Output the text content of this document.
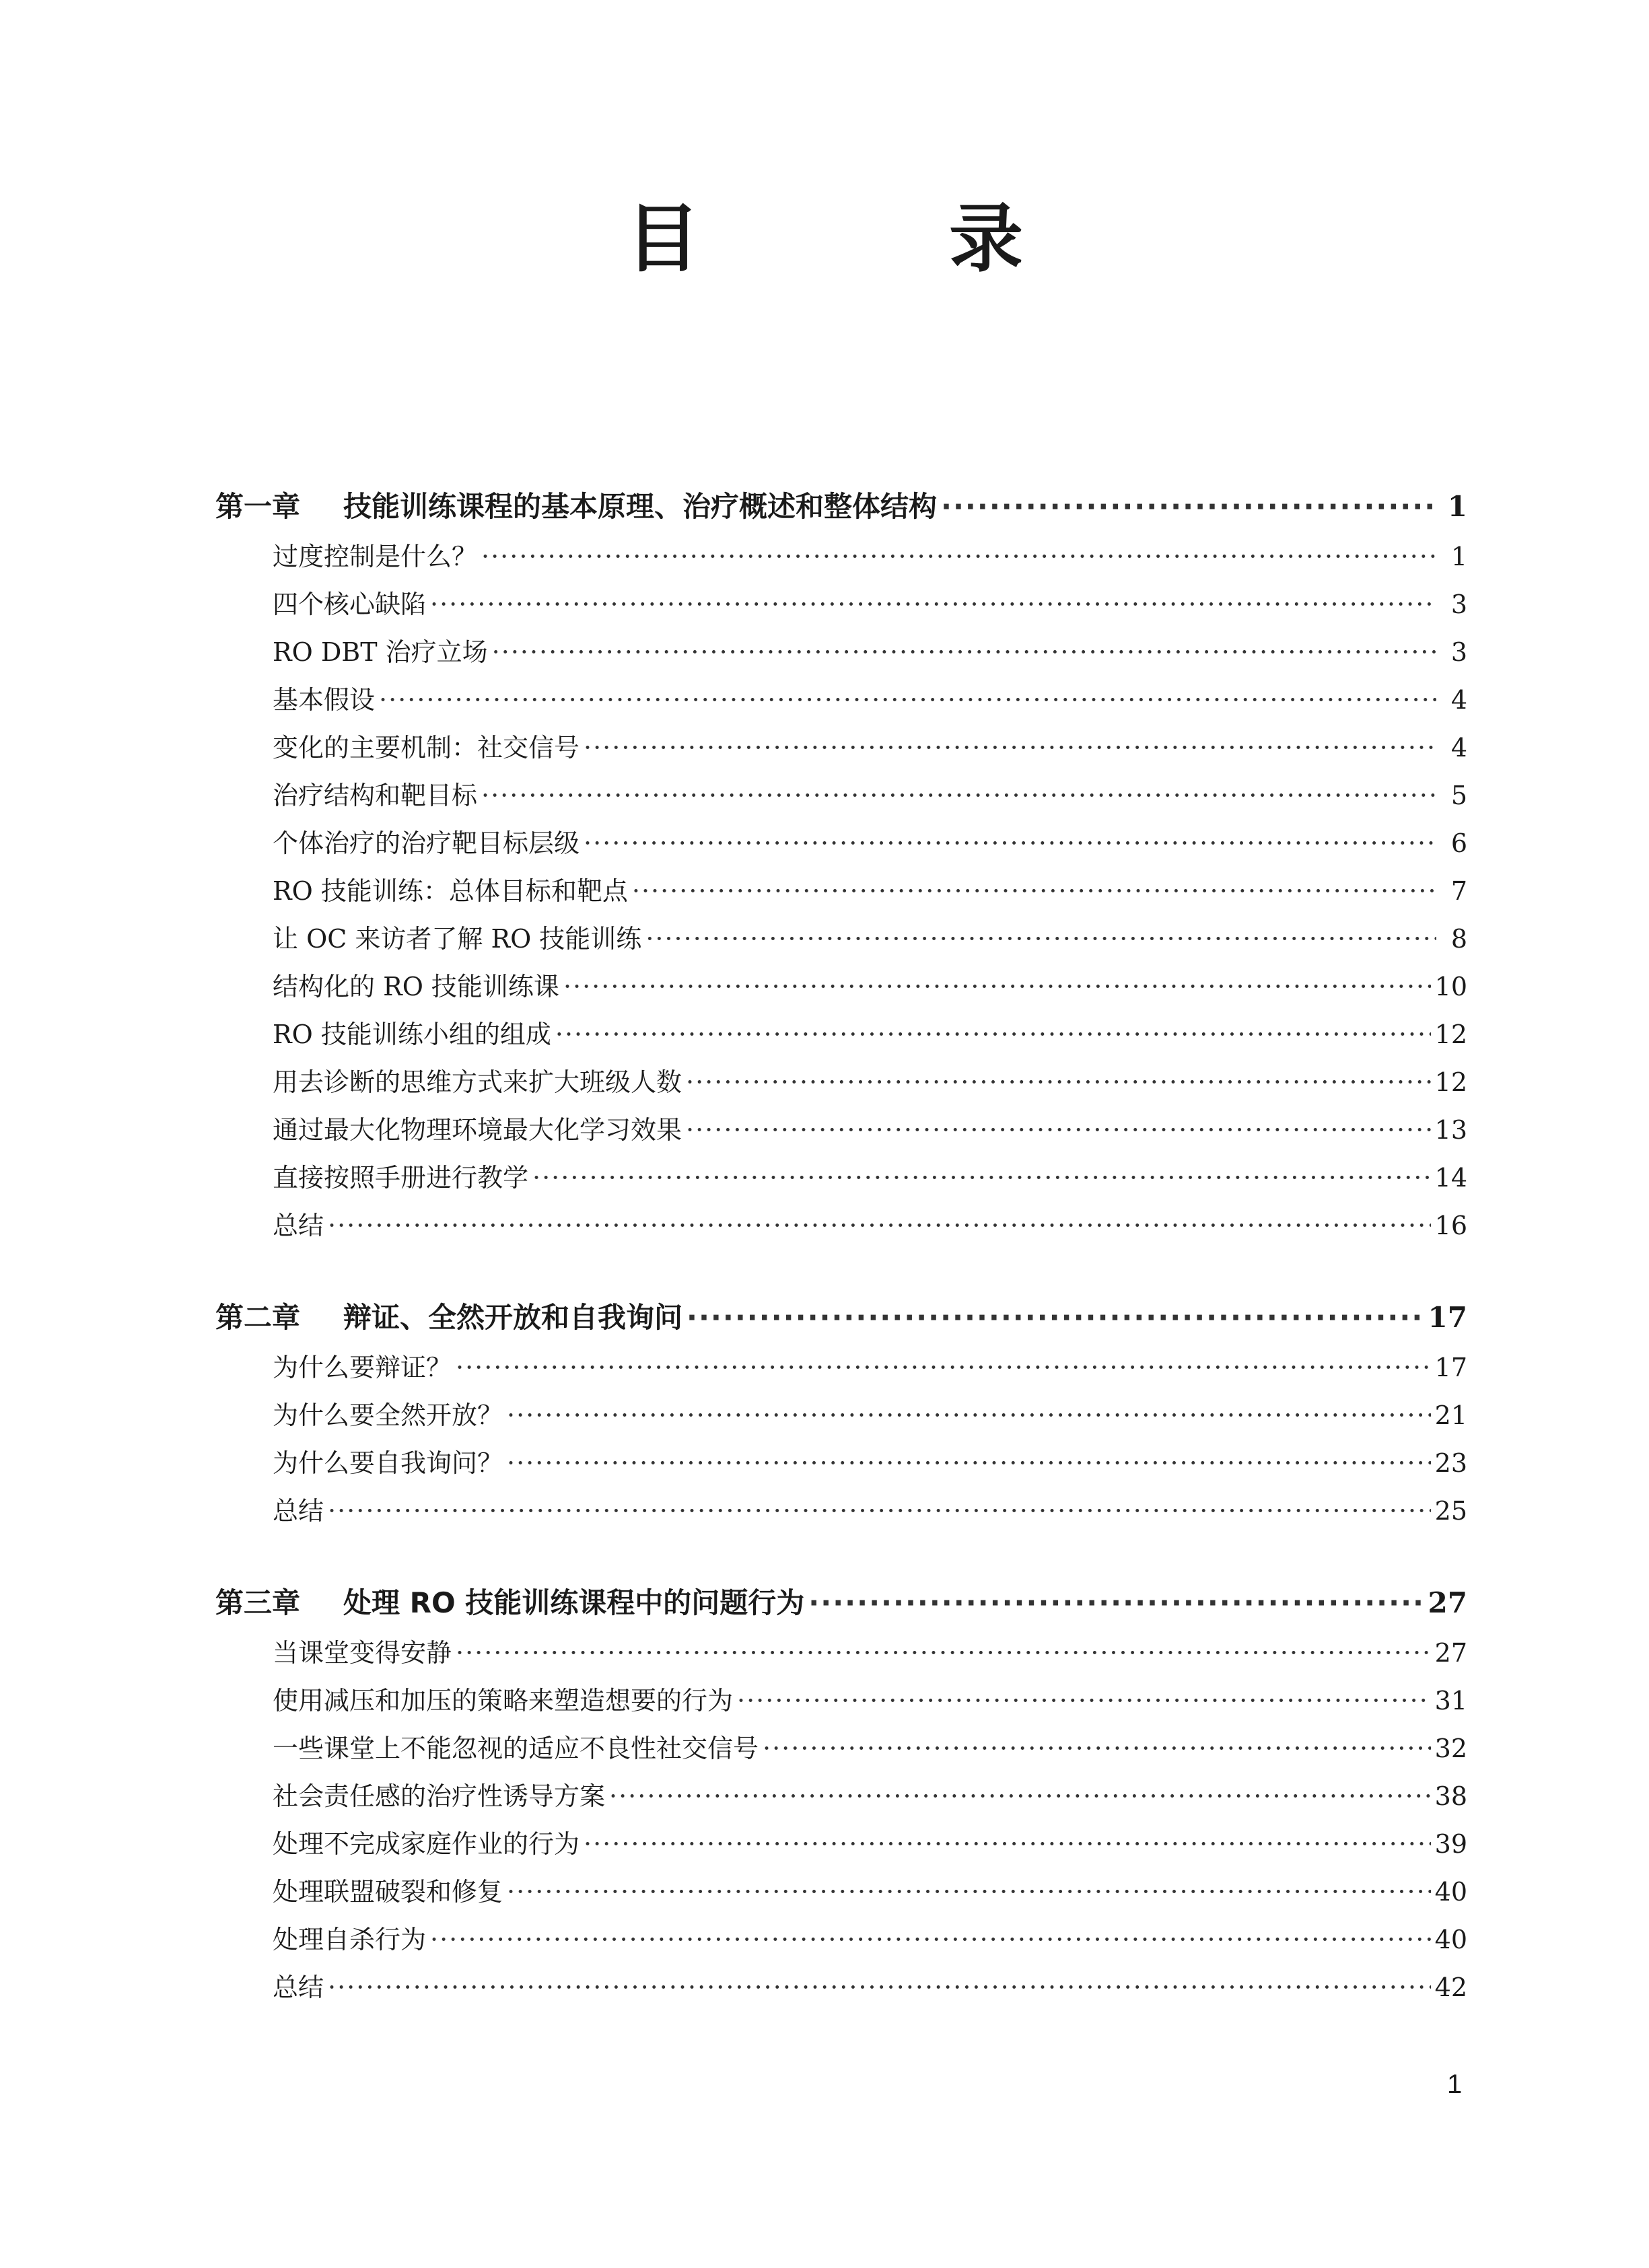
目　录
第一章 技能训练课程的基本原理、治疗概述和整体结构 ·····	1
过度控制是什么？ ·····	1
四个核心缺陷 ·····	3
RO DBT 治疗立场 ·····	3
基本假设 ·····	4
变化的主要机制：社交信号 ·····	4
治疗结构和靶目标 ·····	5
个体治疗的治疗靶目标层级 ·····	6
RO 技能训练：总体目标和靶点 ·····	7
让 OC 来访者了解 RO 技能训练 ·····	8
结构化的 RO 技能训练课 ·····	10
RO 技能训练小组的组成 ·····	12
用去诊断的思维方式来扩大班级人数 ·····	12
通过最大化物理环境最大化学习效果 ·····	13
直接按照手册进行教学 ·····	14
总结 ·····	16
第二章 辩证、全然开放和自我询问 ·····	17
为什么要辩证？ ·····	17
为什么要全然开放？ ·····	21
为什么要自我询问？ ·····	23
总结 ·····	25
第三章 处理 RO 技能训练课程中的问题行为 ·····	27
当课堂变得安静 ·····	27
使用减压和加压的策略来塑造想要的行为 ·····	31
一些课堂上不能忽视的适应不良性社交信号 ·····	32
社会责任感的治疗性诱导方案 ·····	38
处理不完成家庭作业的行为 ·····	39
处理联盟破裂和修复 ·····	40
处理自杀行为 ·····	40
总结 ·····	42
1
